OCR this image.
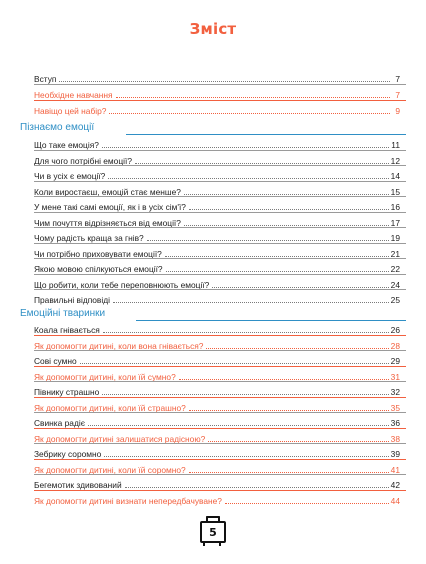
Зміст
Вступ	7
Необхідне навчання	7
Навіщо цей набір?	9
Пізнаємо емоції
Що таке емоція?	11
Для чого потрібні емоції?	12
Чи в усіх є емоції?	14
Коли виростаєш, емоцій стає менше?	15
У мене такі самі емоції, як і в усіх сім'ї?	16
Чим почуття відрізняється від емоції?	17
Чому радість краща за гнів?	19
Чи потрібно приховувати емоції?	21
Якою мовою спілкуються емоції?	22
Що робити, коли тебе переповнюють емоції?	24
Правильні відповіді	25
Емоційні тваринки
Коала гнівається	26
Як допомогти дитині, коли вона гнівається?	28
Сові сумно	29
Як допомогти дитині, коли їй сумно?	31
Півнику страшно	32
Як допомогти дитині, коли їй страшно?	35
Свинка радіє	36
Як допомогти дитині залишатися радісною?	38
Зебрику соромно	39
Як допомогти дитині, коли їй соромно?	41
Бегемотик здивований	42
Як допомогти дитині визнати непередбачуване?	44
5
